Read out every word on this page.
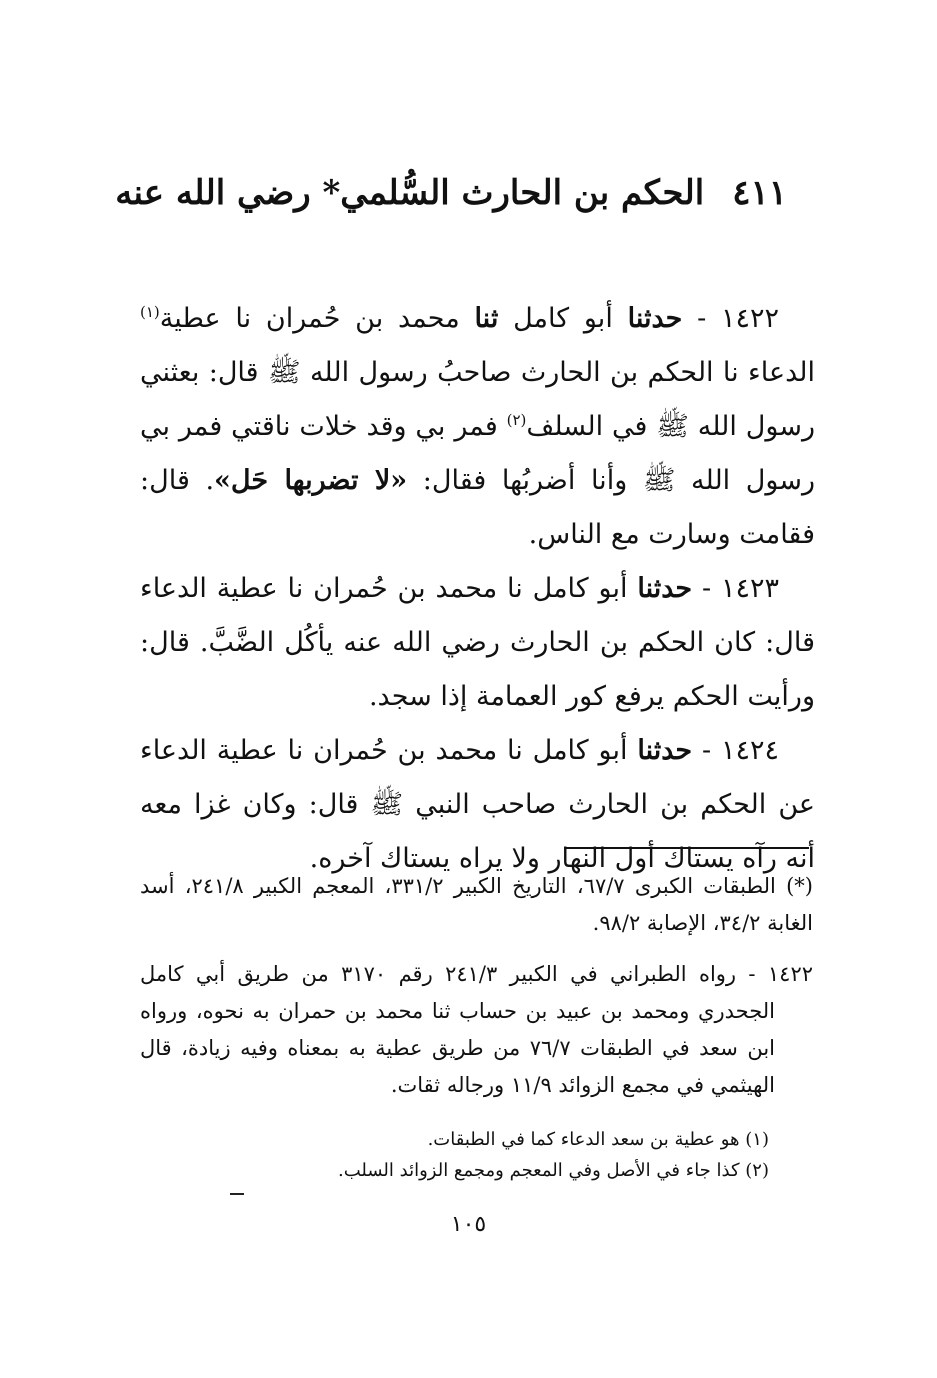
٤١١الحكم بن الحارث السُّلمي* رضي الله عنه

١٤٢٢ - حدثنا أبو كامل ثنا محمد بن حُمران نا عطية$^{(١)}$ الدعاء نا الحكم بن الحارث صاحبُ رسول الله ﷺ قال: بعثني رسول الله ﷺ في السلف$^{(٢)}$ فمر بي وقد خلات ناقتي فمر بي رسول الله ﷺ وأنا أضربُها فقال: «لا تضربها حَل». قال: فقامت وسارت مع الناس.

١٤٢٣ - حدثنا أبو كامل نا محمد بن حُمران نا عطية الدعاء قال: كان الحكم بن الحارث رضي الله عنه يأكُل الضَّبَّ. قال: ورأيت الحكم يرفع كور العمامة إذا سجد.

١٤٢٤ - حدثنا أبو كامل نا محمد بن حُمران نا عطية الدعاء عن الحكم بن الحارث صاحب النبي ﷺ قال: وكان غزا معه أنه رآه يستاك أول النهار ولا يراه يستاك آخره.

(*) الطبقات الكبرى ٦٧/٧، التاريخ الكبير ٣٣١/٢، المعجم الكبير ٢٤١/٨، أسد الغابة ٣٤/٢، الإصابة ٩٨/٢.

١٤٢٢ - رواه الطبراني في الكبير ٢٤١/٣ رقم ٣١٧٠ من طريق أبي كامل الجحدري ومحمد بن عبيد بن حساب ثنا محمد بن حمران به نحوه، ورواه ابن سعد في الطبقات ٧٦/٧ من طريق عطية به بمعناه وفيه زيادة، قال الهيثمي في مجمع الزوائد ١١/٩ ورجاله ثقات.

(١) هو عطية بن سعد الدعاء كما في الطبقات.

(٢) كذا جاء في الأصل وفي المعجم ومجمع الزوائد السلب.

١٠٥
